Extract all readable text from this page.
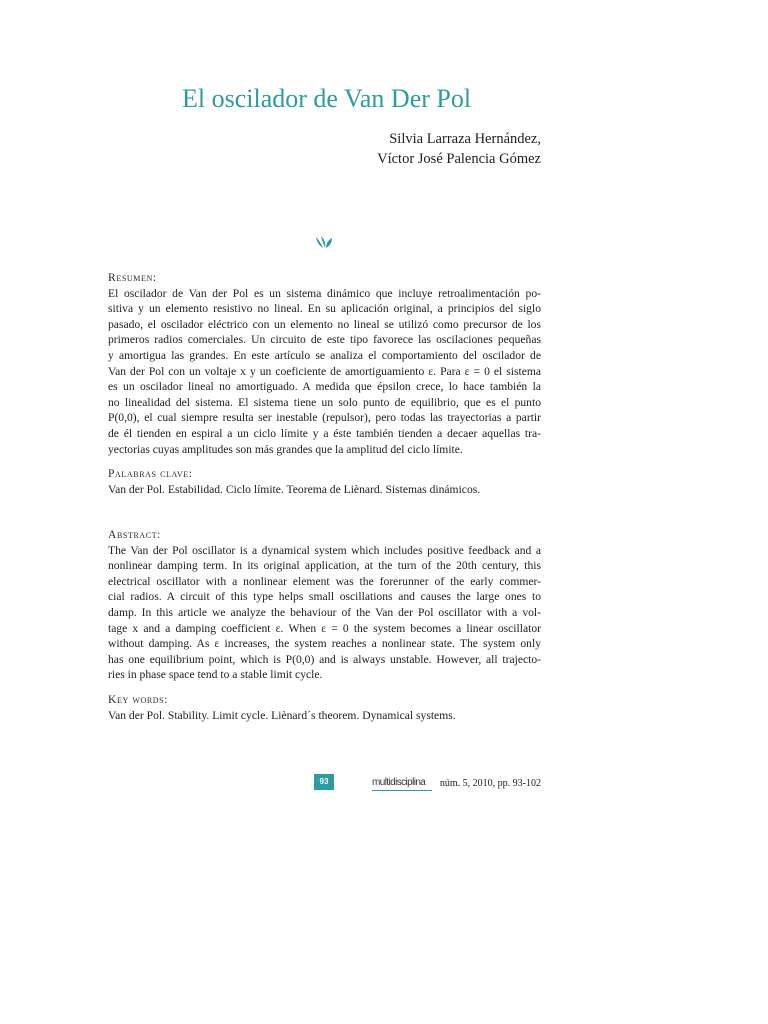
El oscilador de Van Der Pol
Silvia Larraza Hernández,
Víctor José Palencia Gómez
Resumen:
El oscilador de Van der Pol es un sistema dinámico que incluye retroalimentación po-
sitiva y un elemento resistivo no lineal. En su aplicación original, a principios del siglo
pasado, el oscilador eléctrico con un elemento no lineal se utilizó como precursor de los
primeros radios comerciales. Un circuito de este tipo favorece las oscilaciones pequeñas
y amortigua las grandes. En este artículo se analiza el comportamiento del oscilador de
Van der Pol con un voltaje x y un coeficiente de amortiguamiento ε. Para ε = 0 el sistema
es un oscilador lineal no amortiguado. A medida que épsilon crece, lo hace también la
no linealidad del sistema. El sistema tiene un solo punto de equilibrio, que es el punto
P(0,0), el cual siempre resulta ser inestable (repulsor), pero todas las trayectorias a partir
de él tienden en espiral a un ciclo límite y a éste también tienden a decaer aquellas tra-
yectorias cuyas amplitudes son más grandes que la amplitud del ciclo límite.
Palabras clave:
Van der Pol. Estabilidad. Ciclo límite. Teorema de Liènard. Sistemas dinámicos.
Abstract:
The Van der Pol oscillator is a dynamical system which includes positive feedback and a
nonlinear damping term. In its original application, at the turn of the 20th century, this
electrical oscillator with a nonlinear element was the forerunner of the early commer-
cial radios. A circuit of this type helps small oscillations and causes the large ones to
damp. In this article we analyze the behaviour of the Van der Pol oscillator with a vol-
tage x and a damping coefficient ε. When ε = 0 the system becomes a linear oscillator
without damping. As ε increases, the system reaches a nonlinear state. The system only
has one equilibrium point, which is P(0,0) and is always unstable. However, all trajecto-
ries in phase space tend to a stable limit cycle.
Key words:
Van der Pol. Stability. Limit cycle. Liènard´s theorem. Dynamical systems.
93	multidisciplina núm. 5, 2010, pp. 93-102
